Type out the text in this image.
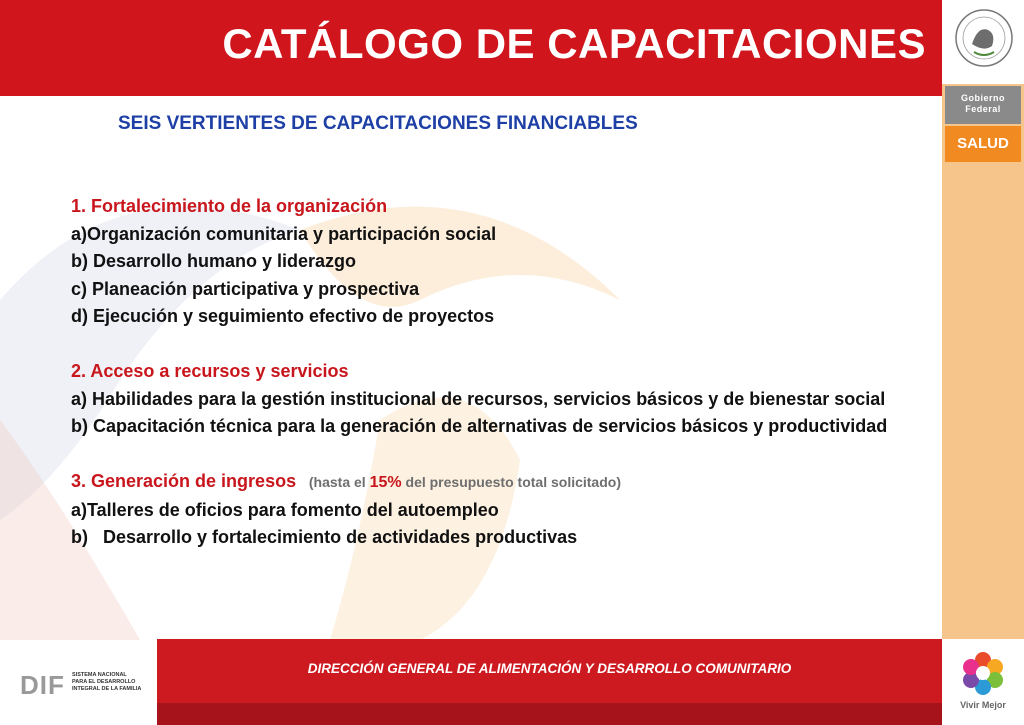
CATÁLOGO DE CAPACITACIONES
Gobierno
Federal
SALUD
SEIS VERTIENTES DE CAPACITACIONES FINANCIABLES
1. Fortalecimiento de la organización
a)Organización comunitaria y participación social
b) Desarrollo humano y liderazgo
c) Planeación participativa y prospectiva
d) Ejecución y seguimiento efectivo de proyectos
2. Acceso a recursos y servicios
a) Habilidades para la gestión institucional de recursos, servicios básicos y de bienestar social
b) Capacitación técnica para la generación de alternativas de servicios básicos y productividad
3. Generación de ingresos (hasta el 15% del presupuesto total solicitado)
a)Talleres de oficios para fomento del autoempleo
b)   Desarrollo y fortalecimiento de actividades productivas
DIF SISTEMA NACIONAL
PARA EL DESARROLLO
INTEGRAL DE LA FAMILIA
DIRECCIÓN GENERAL DE ALIMENTACIÓN Y DESARROLLO COMUNITARIO
Vivir Mejor
